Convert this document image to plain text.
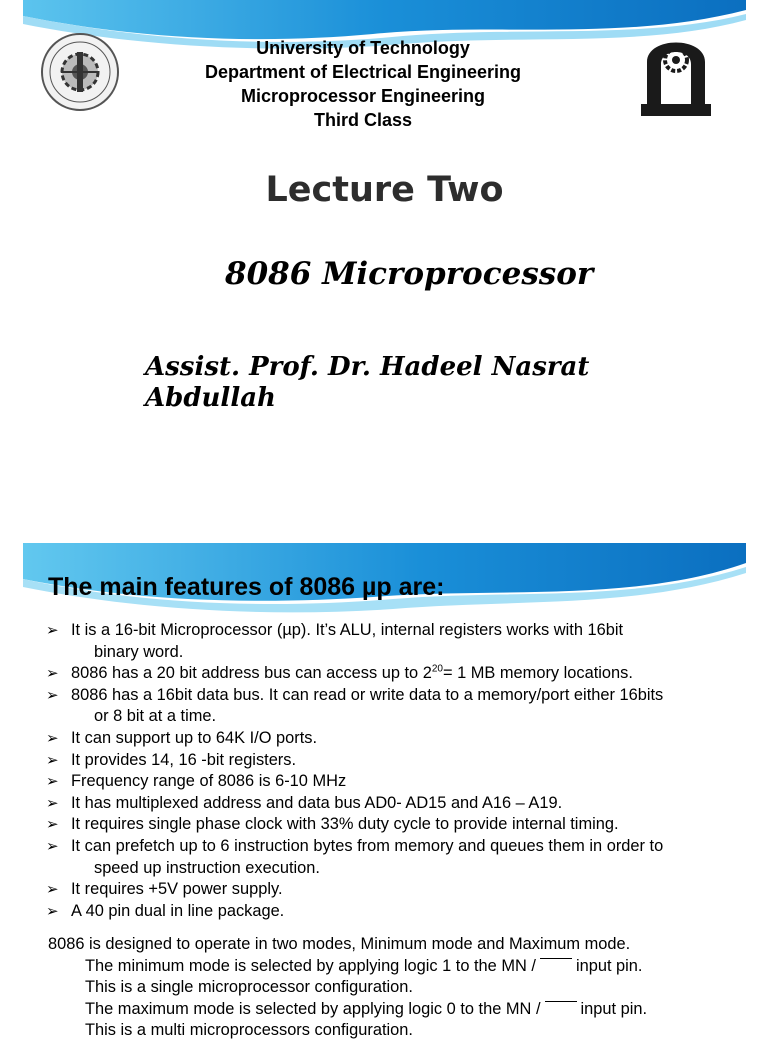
University of Technology
Department of Electrical Engineering
Microprocessor Engineering
Third Class
Lecture Two
8086 Microprocessor
Assist. Prof. Dr. Hadeel Nasrat
Abdullah
The main features of 8086 µp are:
➢ It is a 16-bit Microprocessor (µp). It’s ALU, internal registers works with 16bit
binary word.
➢ 8086 has a 20 bit address bus can access up to $2^{20}= 1$ MB memory locations.
➢ 8086 has a 16bit data bus. It can read or write data to a memory/port either 16bits
or 8 bit at a time.
➢ It can support up to 64K I/O ports.
➢ It provides 14, 16 -bit registers.
➢ Frequency range of 8086 is 6-10 MHz
➢ It has multiplexed address and data bus AD0- AD15 and A16 – A19.
➢ It requires single phase clock with 33% duty cycle to provide internal timing.
➢ It can prefetch up to 6 instruction bytes from memory and queues them in order to
speed up instruction execution.
➢ It requires +5V power supply.
➢ A 40 pin dual in line package.
8086 is designed to operate in two modes, Minimum mode and Maximum mode.
The minimum mode is selected by applying logic 1 to the MN / input pin.
This is a single microprocessor configuration.
The maximum mode is selected by applying logic 0 to the MN / input pin.
This is a multi microprocessors configuration.
